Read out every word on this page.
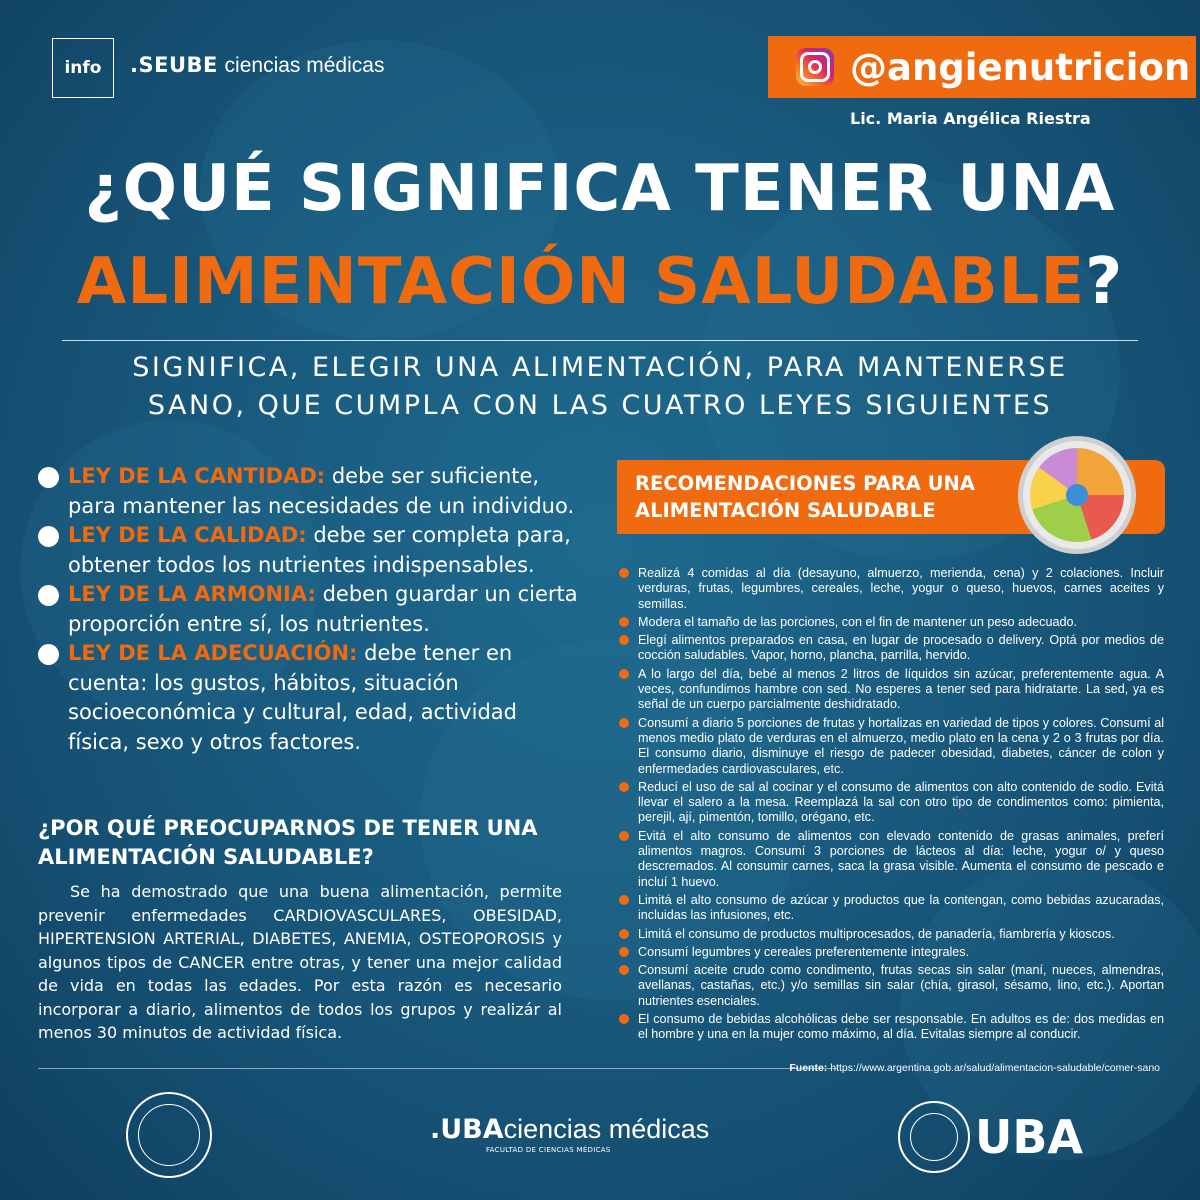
info .SEUBE ciencias médicas	@angienutricion
Lic. Maria Angélica Riestra
¿QUÉ SIGNIFICA TENER UNA
ALIMENTACIÓN SALUDABLE?
SIGNIFICA, ELEGIR UNA ALIMENTACIÓN, PARA MANTENERSE
SANO, QUE CUMPLA CON LAS CUATRO LEYES SIGUIENTES
LEY DE LA CANTIDAD: debe ser suficiente, para mantener las necesidades de un individuo.
LEY DE LA CALIDAD: debe ser completa para, obtener todos los nutrientes indispensables.
LEY DE LA ARMONIA: deben guardar un cierta proporción entre sí, los nutrientes.
LEY DE LA ADECUACIÓN: debe tener en cuenta: los gustos, hábitos, situación socioeconómica y cultural, edad, actividad física, sexo y otros factores.
¿POR QUÉ PREOCUPARNOS DE TENER UNA ALIMENTACIÓN SALUDABLE?
Se ha demostrado que una buena alimentación, permite prevenir enfermedades CARDIOVASCULARES, OBESIDAD, HIPERTENSION ARTERIAL, DIABETES, ANEMIA, OSTEOPOROSIS y algunos tipos de CANCER entre otras, y tener una mejor calidad de vida en todas las edades. Por esta razón es necesario incorporar a diario, alimentos de todos los grupos y realizár al menos 30 minutos de actividad física.
RECOMENDACIONES PARA UNA ALIMENTACIÓN SALUDABLE
Realizá 4 comidas al día (desayuno, almuerzo, merienda, cena) y 2 colaciones. Incluir verduras, frutas, legumbres, cereales, leche, yogur o queso, huevos, carnes aceites y semillas.
Modera el tamaño de las porciones, con el fin de mantener un peso adecuado.
Elegí alimentos preparados en casa, en lugar de procesado o delivery. Optá por medios de cocción saludables. Vapor, horno, plancha, parrilla, hervido.
A lo largo del día, bebé al menos 2 litros de líquidos sin azúcar, preferentemente agua. A veces, confundimos hambre con sed. No esperes a tener sed para hidratarte. La sed, ya es señal de un cuerpo parcialmente deshidratado.
Consumí a diario 5 porciones de frutas y hortalizas en variedad de tipos y colores. Consumí al menos medio plato de verduras en el almuerzo, medio plato en la cena y 2 o 3 frutas por día. El consumo diario, disminuye el riesgo de padecer obesidad, diabetes, cáncer de colon y enfermedades cardiovasculares, etc.
Reducí el uso de sal al cocinar y el consumo de alimentos con alto contenido de sodio. Evitá llevar el salero a la mesa. Reemplazá la sal con otro tipo de condimentos como: pimienta, perejil, ají, pimentón, tomillo, orégano, etc.
Evitá el alto consumo de alimentos con elevado contenido de grasas animales, preferí alimentos magros. Consumí 3 porciones de lácteos al día: leche, yogur o/ y queso descremados. Al consumir carnes, saca la grasa visible. Aumenta el consumo de pescado e incluí 1 huevo.
Limitá el alto consumo de azúcar y productos que la contengan, como bebidas azucaradas, incluidas las infusiones, etc.
Limitá el consumo de productos multiprocesados, de panadería, fiambrería y kioscos.
Consumí legumbres y cereales preferentemente integrales.
Consumí aceite crudo como condimento, frutas secas sin salar (maní, nueces, almendras, avellanas, castañas, etc.) y/o semillas sin salar (chía, girasol, sésamo, lino, etc.). Aportan nutrientes esenciales.
El consumo de bebidas alcohólicas debe ser responsable. En adultos es de: dos medidas en el hombre y una en la mujer como máximo, al día. Evitalas siempre al conducir.
Fuente: https://www.argentina.gob.ar/salud/alimentacion-saludable/comer-sano
.UBAciencias médicas
FACULTAD DE CIENCIAS MÉDICAS	UBA
